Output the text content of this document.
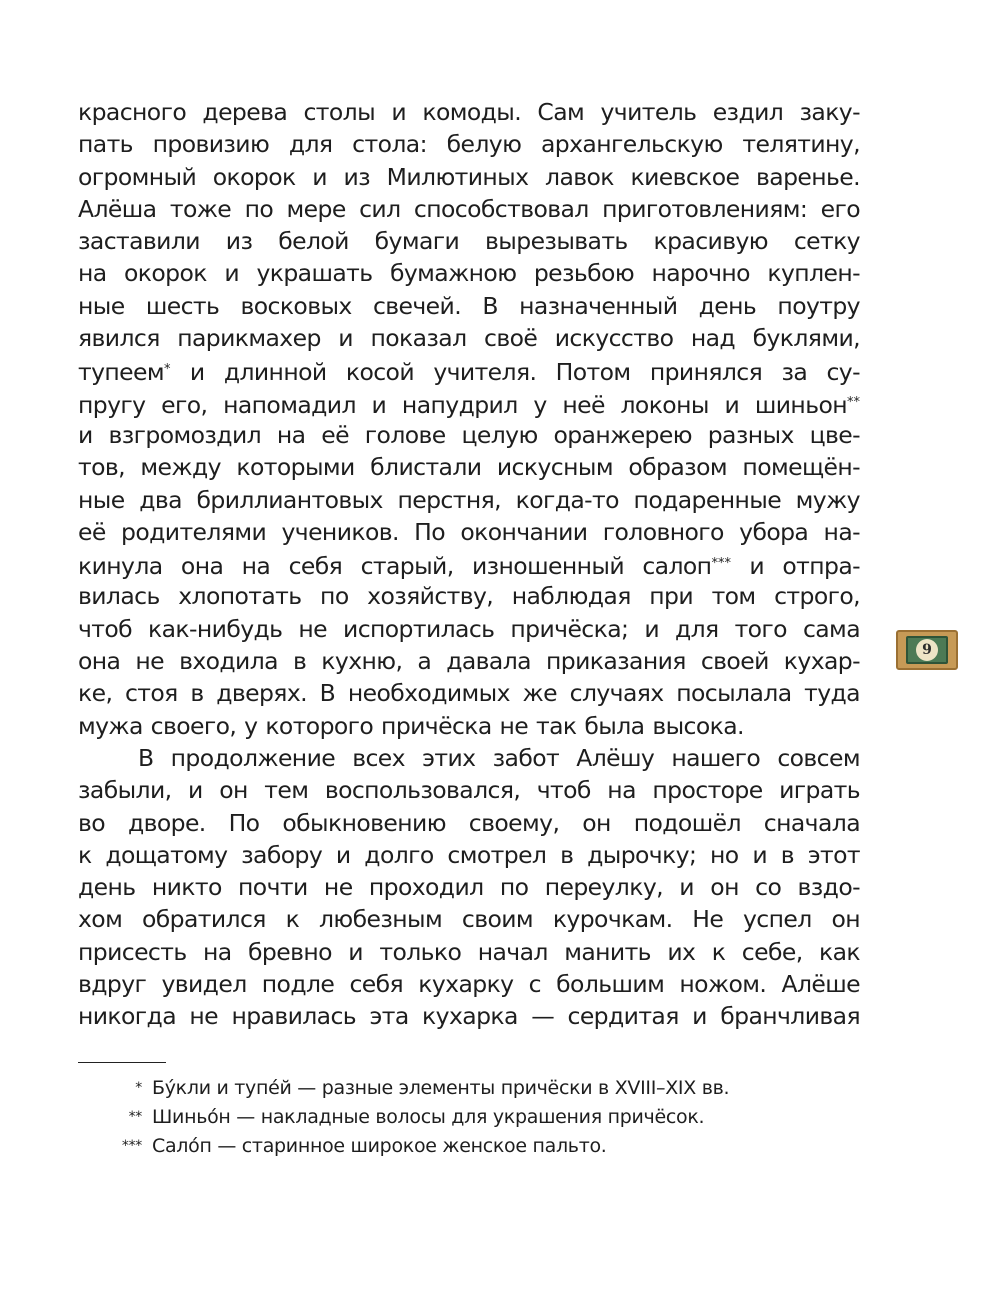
красного дерева столы и комоды. Сам учитель ездил заку-
пать провизию для стола: белую архангельскую телятину,
огромный окорок и из Милютиных лавок киевское варенье.
Алёша тоже по мере сил способствовал приготовлениям: его
заставили из белой бумаги вырезывать красивую сетку
на окорок и украшать бумажною резьбою нарочно куплен-
ные шесть восковых свечей. В назначенный день поутру
явился парикмахер и показал своё искусство над буклями,
тупеем* и длинной косой учителя. Потом принялся за су-
пругу его, напомадил и напудрил у неё локоны и шиньон**
и взгромоздил на её голове целую оранжерею разных цве-
тов, между которыми блистали искусным образом помещён-
ные два бриллиантовых перстня, когда-то подаренные мужу
её родителями учеников. По окончании головного убора на-
кинула она на себя старый, изношенный салоп*** и отпра-
вилась хлопотать по хозяйству, наблюдая при том строго,
чтоб как-нибудь не испортилась причёска; и для того сама
она не входила в кухню, а давала приказания своей кухар-
ке, стоя в дверях. В необходимых же случаях посылала туда
мужа своего, у которого причёска не так была высока.
В продолжение всех этих забот Алёшу нашего совсем
забыли, и он тем воспользовался, чтоб на просторе играть
во дворе. По обыкновению своему, он подошёл сначала
к дощатому забору и долго смотрел в дырочку; но и в этот
день никто почти не проходил по переулку, и он со вздо-
хом обратился к любезным своим курочкам. Не успел он
присесть на бревно и только начал манить их к себе, как
вдруг увидел подле себя кухарку с большим ножом. Алёше
никогда не нравилась эта кухарка — сердитая и бранчливая
* Бу́кли и тупе́й — разные элементы причёски в XVIII–XIX вв.
** Шиньо́н — накладные волосы для украшения причёсок.
*** Сало́п — старинное широкое женское пальто.
9
